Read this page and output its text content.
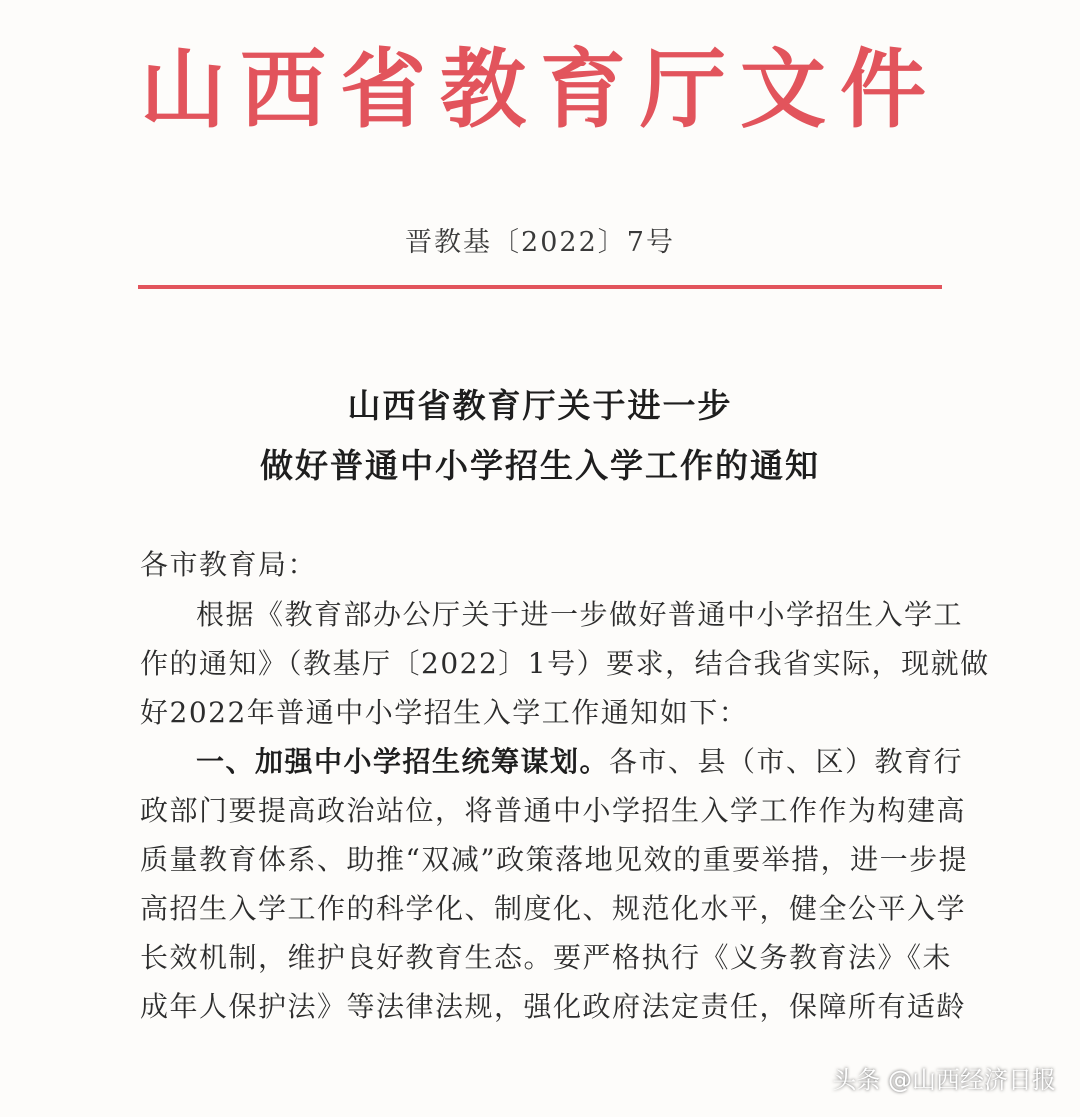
山西省教育厅文件
晋教基〔2022〕7号
山西省教育厅关于进一步
做好普通中小学招生入学工作的通知
各市教育局：
根据《教育部办公厅关于进一步做好普通中小学招生入学工
作的通知》（教基厅〔2022〕1号）要求，结合我省实际，现就做
好2022年普通中小学招生入学工作通知如下：
一、加强中小学招生统筹谋划。各市、县（市、区）教育行
政部门要提高政治站位，将普通中小学招生入学工作作为构建高
质量教育体系、助推“双减”政策落地见效的重要举措，进一步提
高招生入学工作的科学化、制度化、规范化水平，健全公平入学
长效机制，维护良好教育生态。要严格执行《义务教育法》《未
成年人保护法》等法律法规，强化政府法定责任，保障所有适龄
头条 @山西经济日报
